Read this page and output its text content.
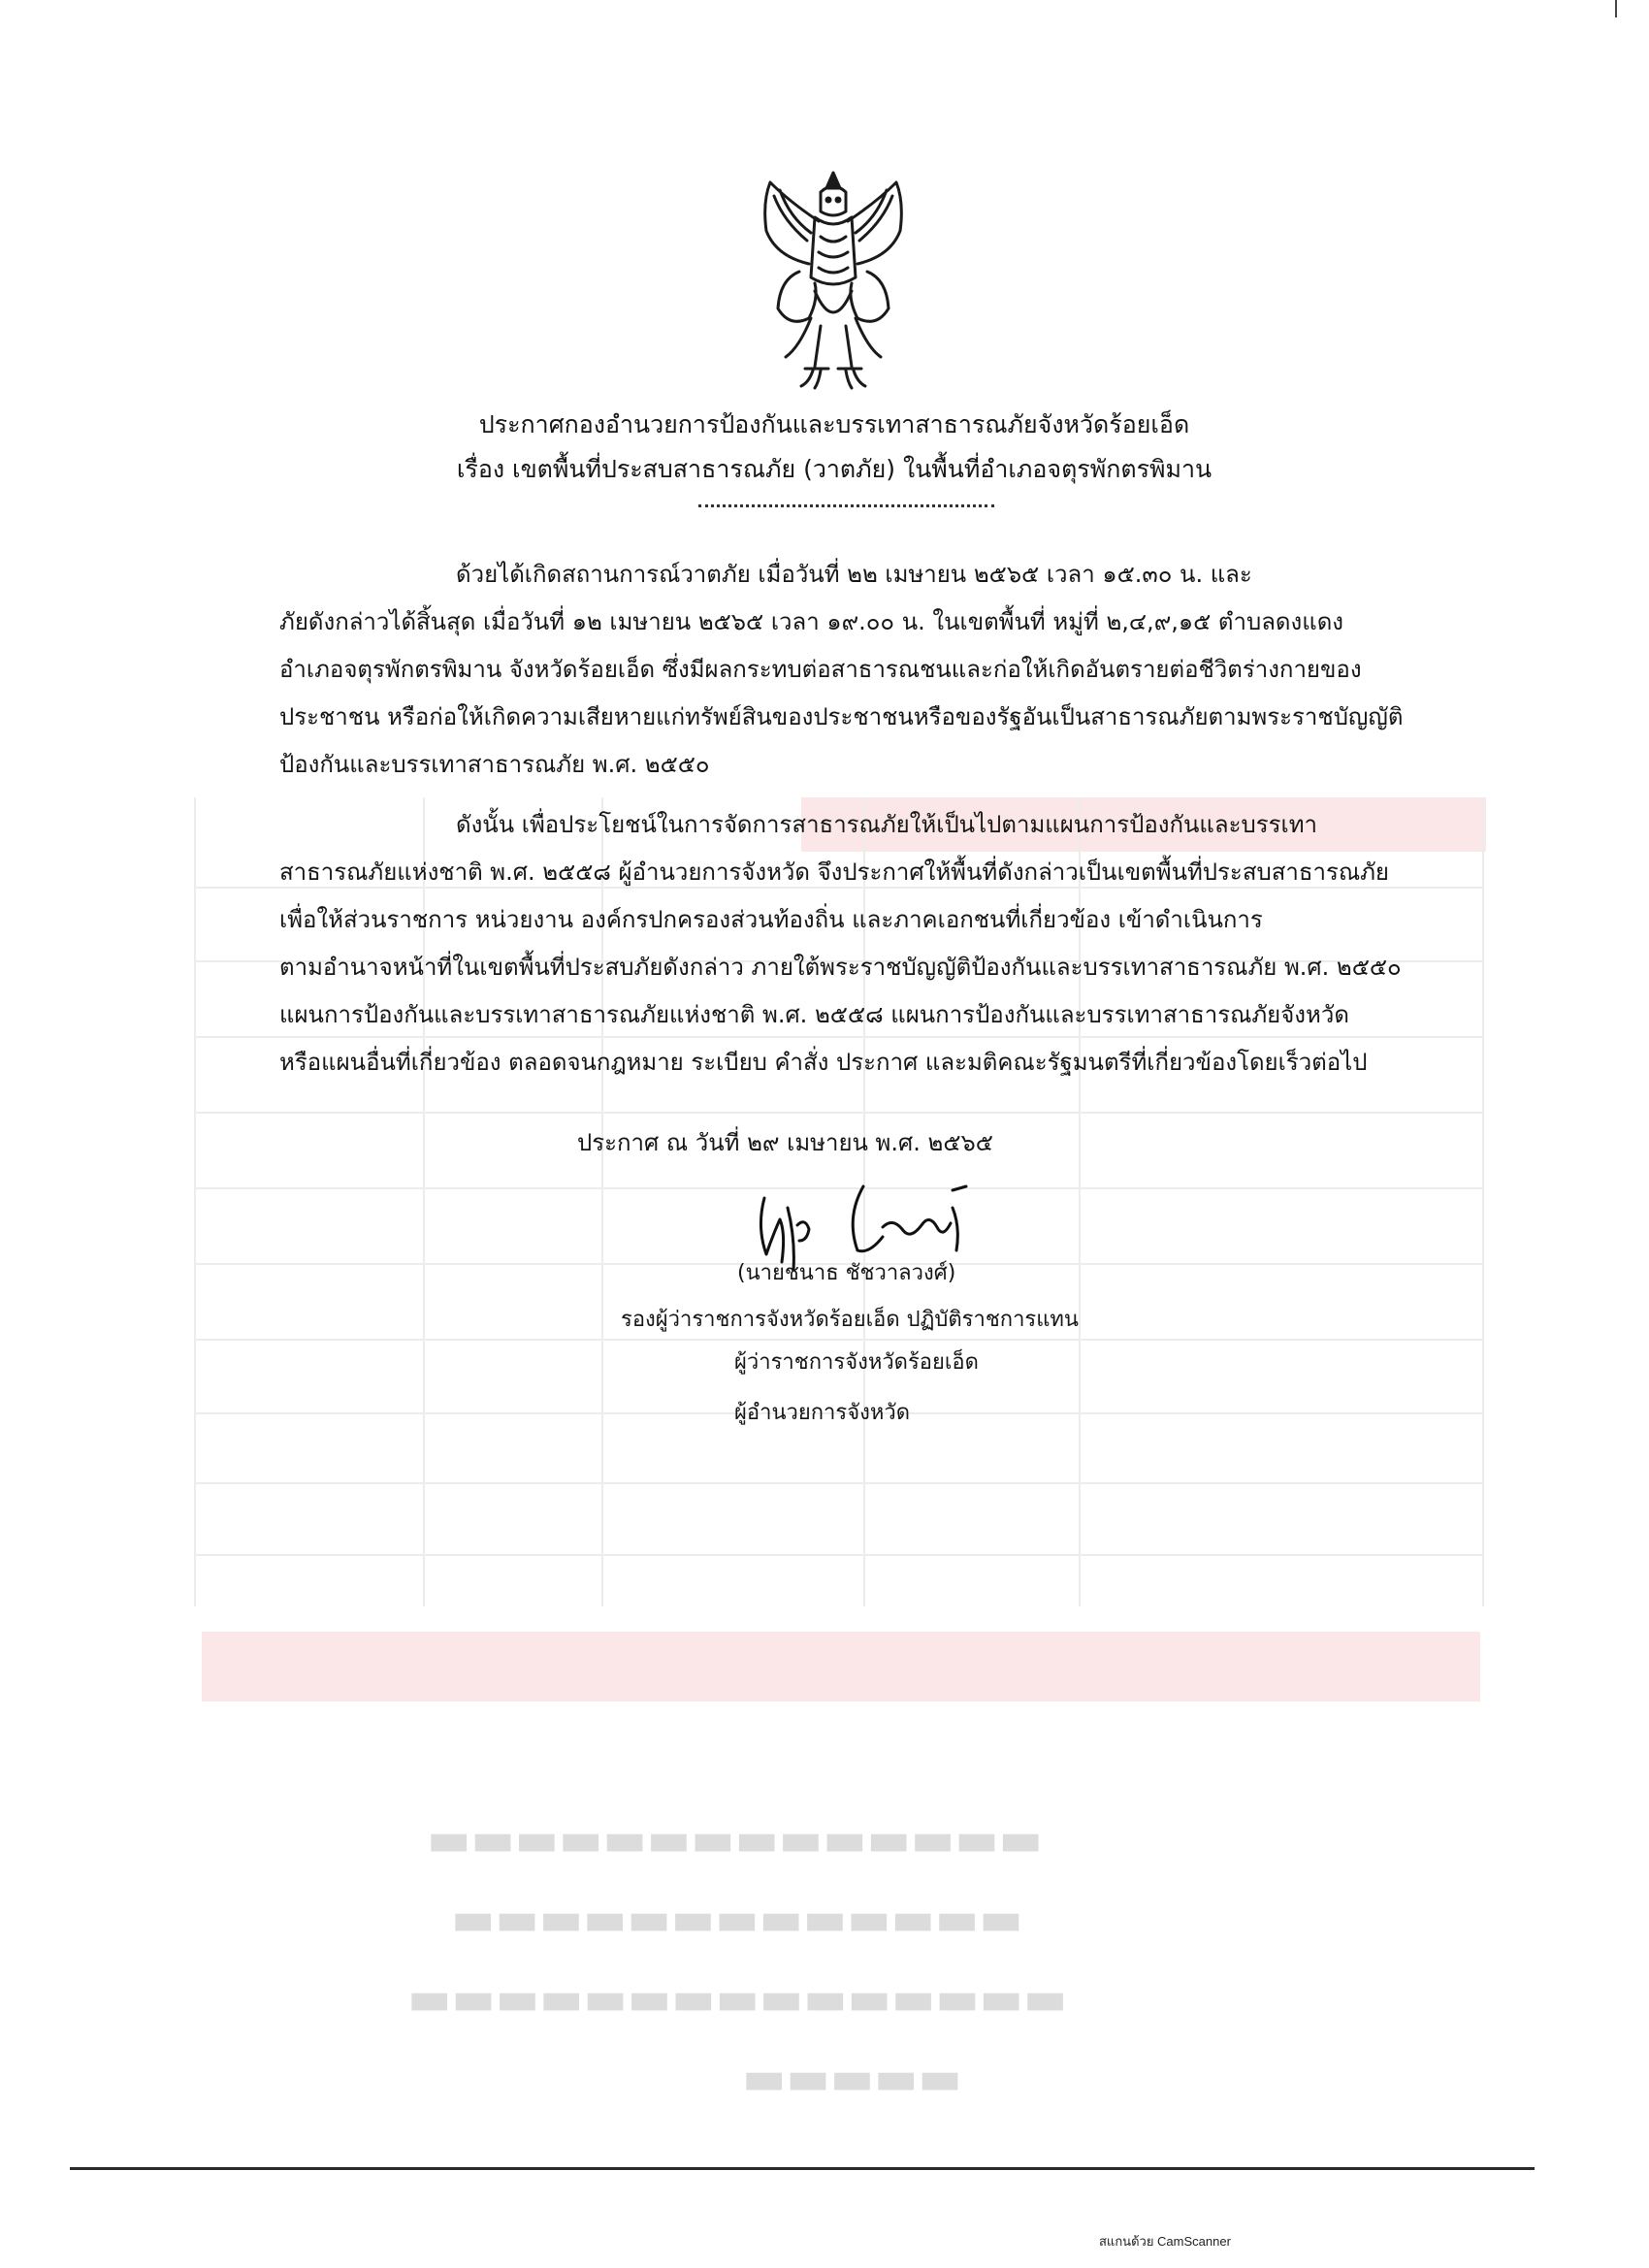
▬▬▬▬▬▬▬▬▬▬▬▬▬▬
▬▬▬▬▬▬▬▬▬▬▬▬▬
▬▬▬▬▬▬▬▬▬▬▬▬▬▬▬
▬▬▬▬▬
ประกาศกองอำนวยการป้องกันและบรรเทาสาธารณภัยจังหวัดร้อยเอ็ด
เรื่อง เขตพื้นที่ประสบสาธารณภัย (วาตภัย) ในพื้นที่อำเภอจตุรพักตรพิมาน

ด้วยได้เกิดสถานการณ์วาตภัย เมื่อวันที่ ๒๒ เมษายน ๒๕๖๕ เวลา ๑๕.๓๐ น. และ

ภัยดังกล่าวได้สิ้นสุด เมื่อวันที่ ๑๒ เมษายน ๒๕๖๕ เวลา ๑๙.๐๐ น. ในเขตพื้นที่ หมู่ที่ ๒,๔,๙,๑๕ ตำบลดงแดง

อำเภอจตุรพักตรพิมาน จังหวัดร้อยเอ็ด ซึ่งมีผลกระทบต่อสาธารณชนและก่อให้เกิดอันตรายต่อชีวิตร่างกายของ

ประชาชน หรือก่อให้เกิดความเสียหายแก่ทรัพย์สินของประชาชนหรือของรัฐอันเป็นสาธารณภัยตามพระราชบัญญัติ

ป้องกันและบรรเทาสาธารณภัย พ.ศ. ๒๕๕๐

ดังนั้น เพื่อประโยชน์ในการจัดการสาธารณภัยให้เป็นไปตามแผนการป้องกันและบรรเทา

สาธารณภัยแห่งชาติ พ.ศ. ๒๕๕๘ ผู้อำนวยการจังหวัด จึงประกาศให้พื้นที่ดังกล่าวเป็นเขตพื้นที่ประสบสาธารณภัย

เพื่อให้ส่วนราชการ หน่วยงาน องค์กรปกครองส่วนท้องถิ่น และภาคเอกชนที่เกี่ยวข้อง เข้าดำเนินการ

ตามอำนาจหน้าที่ในเขตพื้นที่ประสบภัยดังกล่าว ภายใต้พระราชบัญญัติป้องกันและบรรเทาสาธารณภัย พ.ศ. ๒๕๕๐

แผนการป้องกันและบรรเทาสาธารณภัยแห่งชาติ พ.ศ. ๒๕๕๘ แผนการป้องกันและบรรเทาสาธารณภัยจังหวัด

หรือแผนอื่นที่เกี่ยวข้อง ตลอดจนกฎหมาย ระเบียบ คำสั่ง ประกาศ และมติคณะรัฐมนตรีที่เกี่ยวข้องโดยเร็วต่อไป

ประกาศ ณ วันที่ ๒๙ เมษายน พ.ศ. ๒๕๖๕
(นายชนาธ ชัชวาลวงศ์)
รองผู้ว่าราชการจังหวัดร้อยเอ็ด ปฏิบัติราชการแทน
ผู้ว่าราชการจังหวัดร้อยเอ็ด
ผู้อำนวยการจังหวัด
สแกนด้วย CamScanner
